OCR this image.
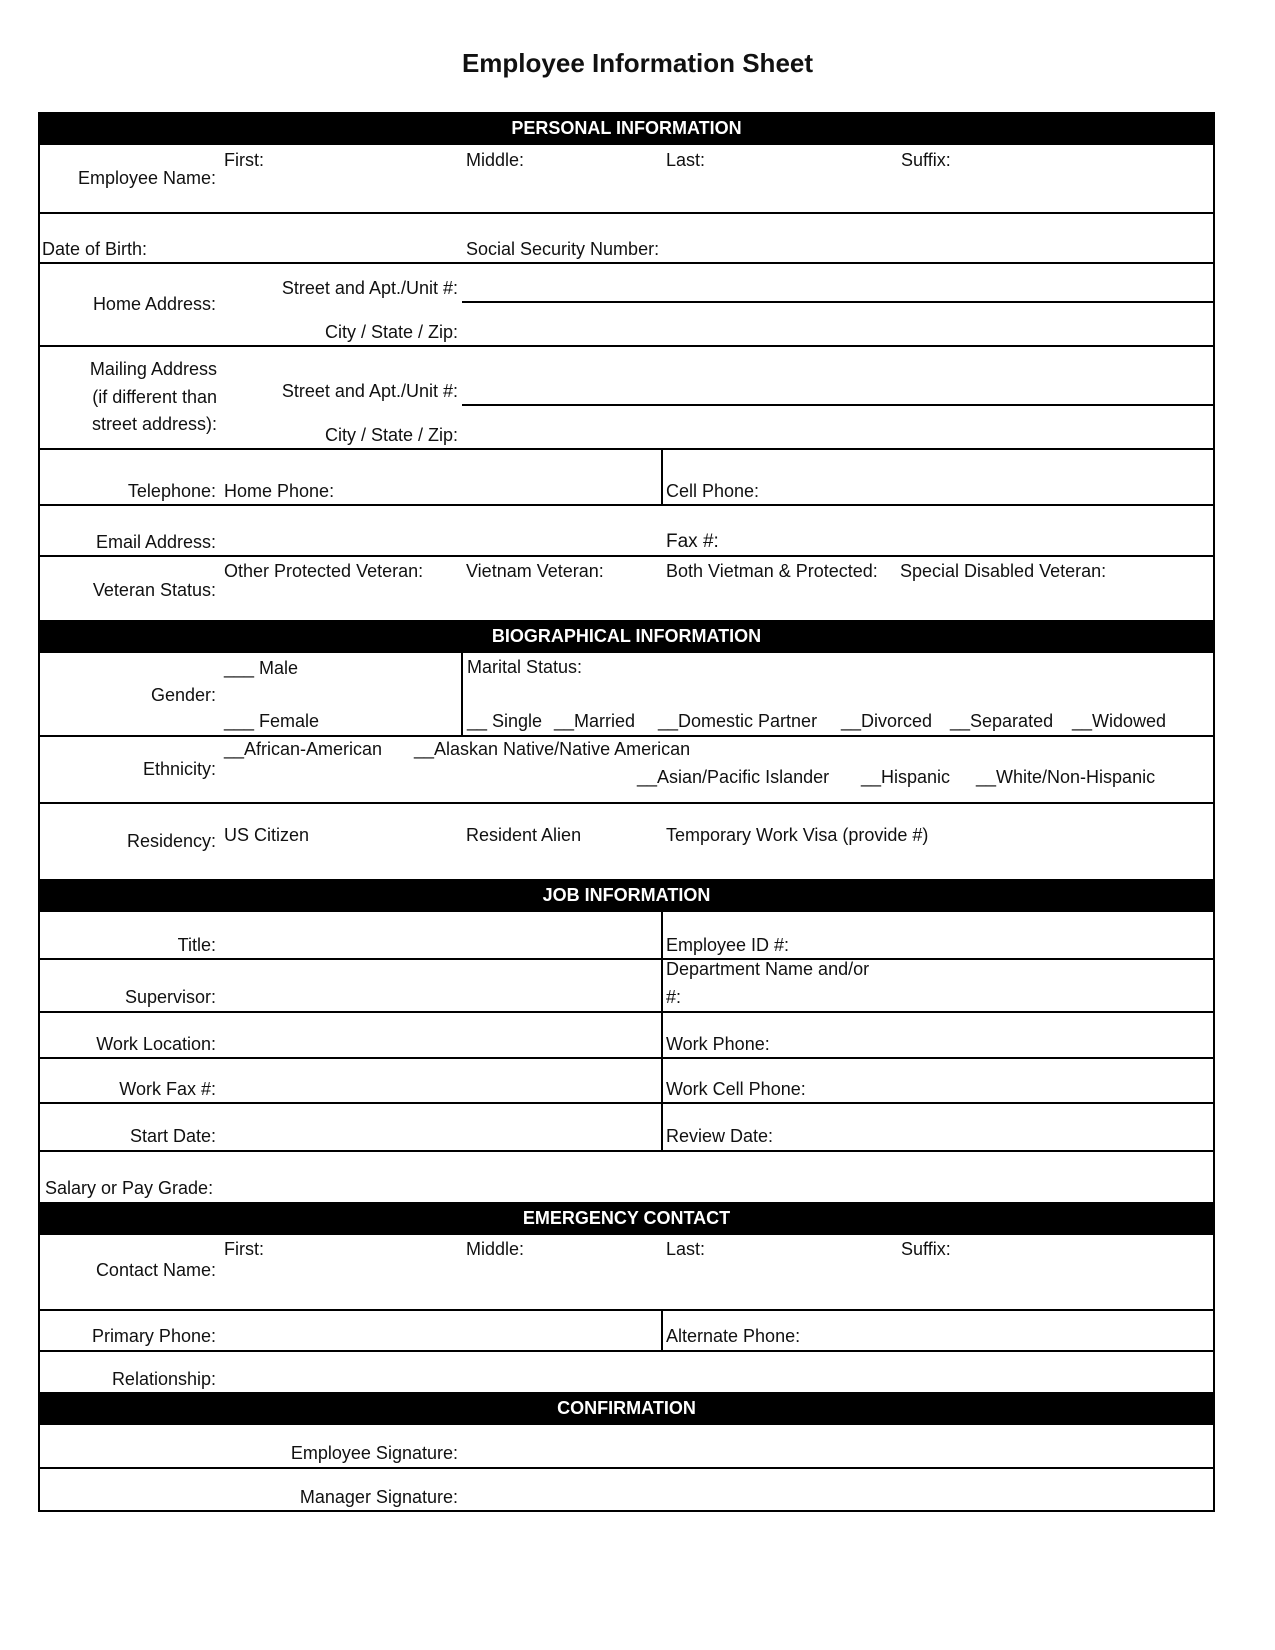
Employee Information Sheet
PERSONAL INFORMATION
Employee Name:
First:	Middle:	Last:	Suffix:
Date of Birth:	Social Security Number:
Home Address:
Street and Apt./Unit #:
City / State / Zip:
Mailing Address
(if different than
street address):
Street and Apt./Unit #:
City / State / Zip:
Telephone: Home Phone:	Cell Phone:
Email Address:	Fax #:
Veteran Status:
Other Protected Veteran: Vietnam Veteran:	Both Vietman & Protected: Special Disabled Veteran:
BIOGRAPHICAL INFORMATION
Gender:
___ Male
___ Female
Marital Status:
__ Single __Married __Domestic Partner __Divorced __Separated __Widowed
Ethnicity:
__African-American __Alaskan Native/Native American
__Asian/Pacific Islander __Hispanic __White/Non-Hispanic
Residency: US Citizen	Resident Alien	Temporary Work Visa (provide #)
JOB INFORMATION
Title:	Employee ID #:
Supervisor:
Department Name and/or
#:
Work Location:	Work Phone:
Work Fax #:	Work Cell Phone:
Start Date:	Review Date:
Salary or Pay Grade:
EMERGENCY CONTACT
Contact Name:
First:	Middle:	Last:	Suffix:
Primary Phone:	Alternate Phone:
Relationship:
CONFIRMATION
Employee Signature:
Manager Signature:
